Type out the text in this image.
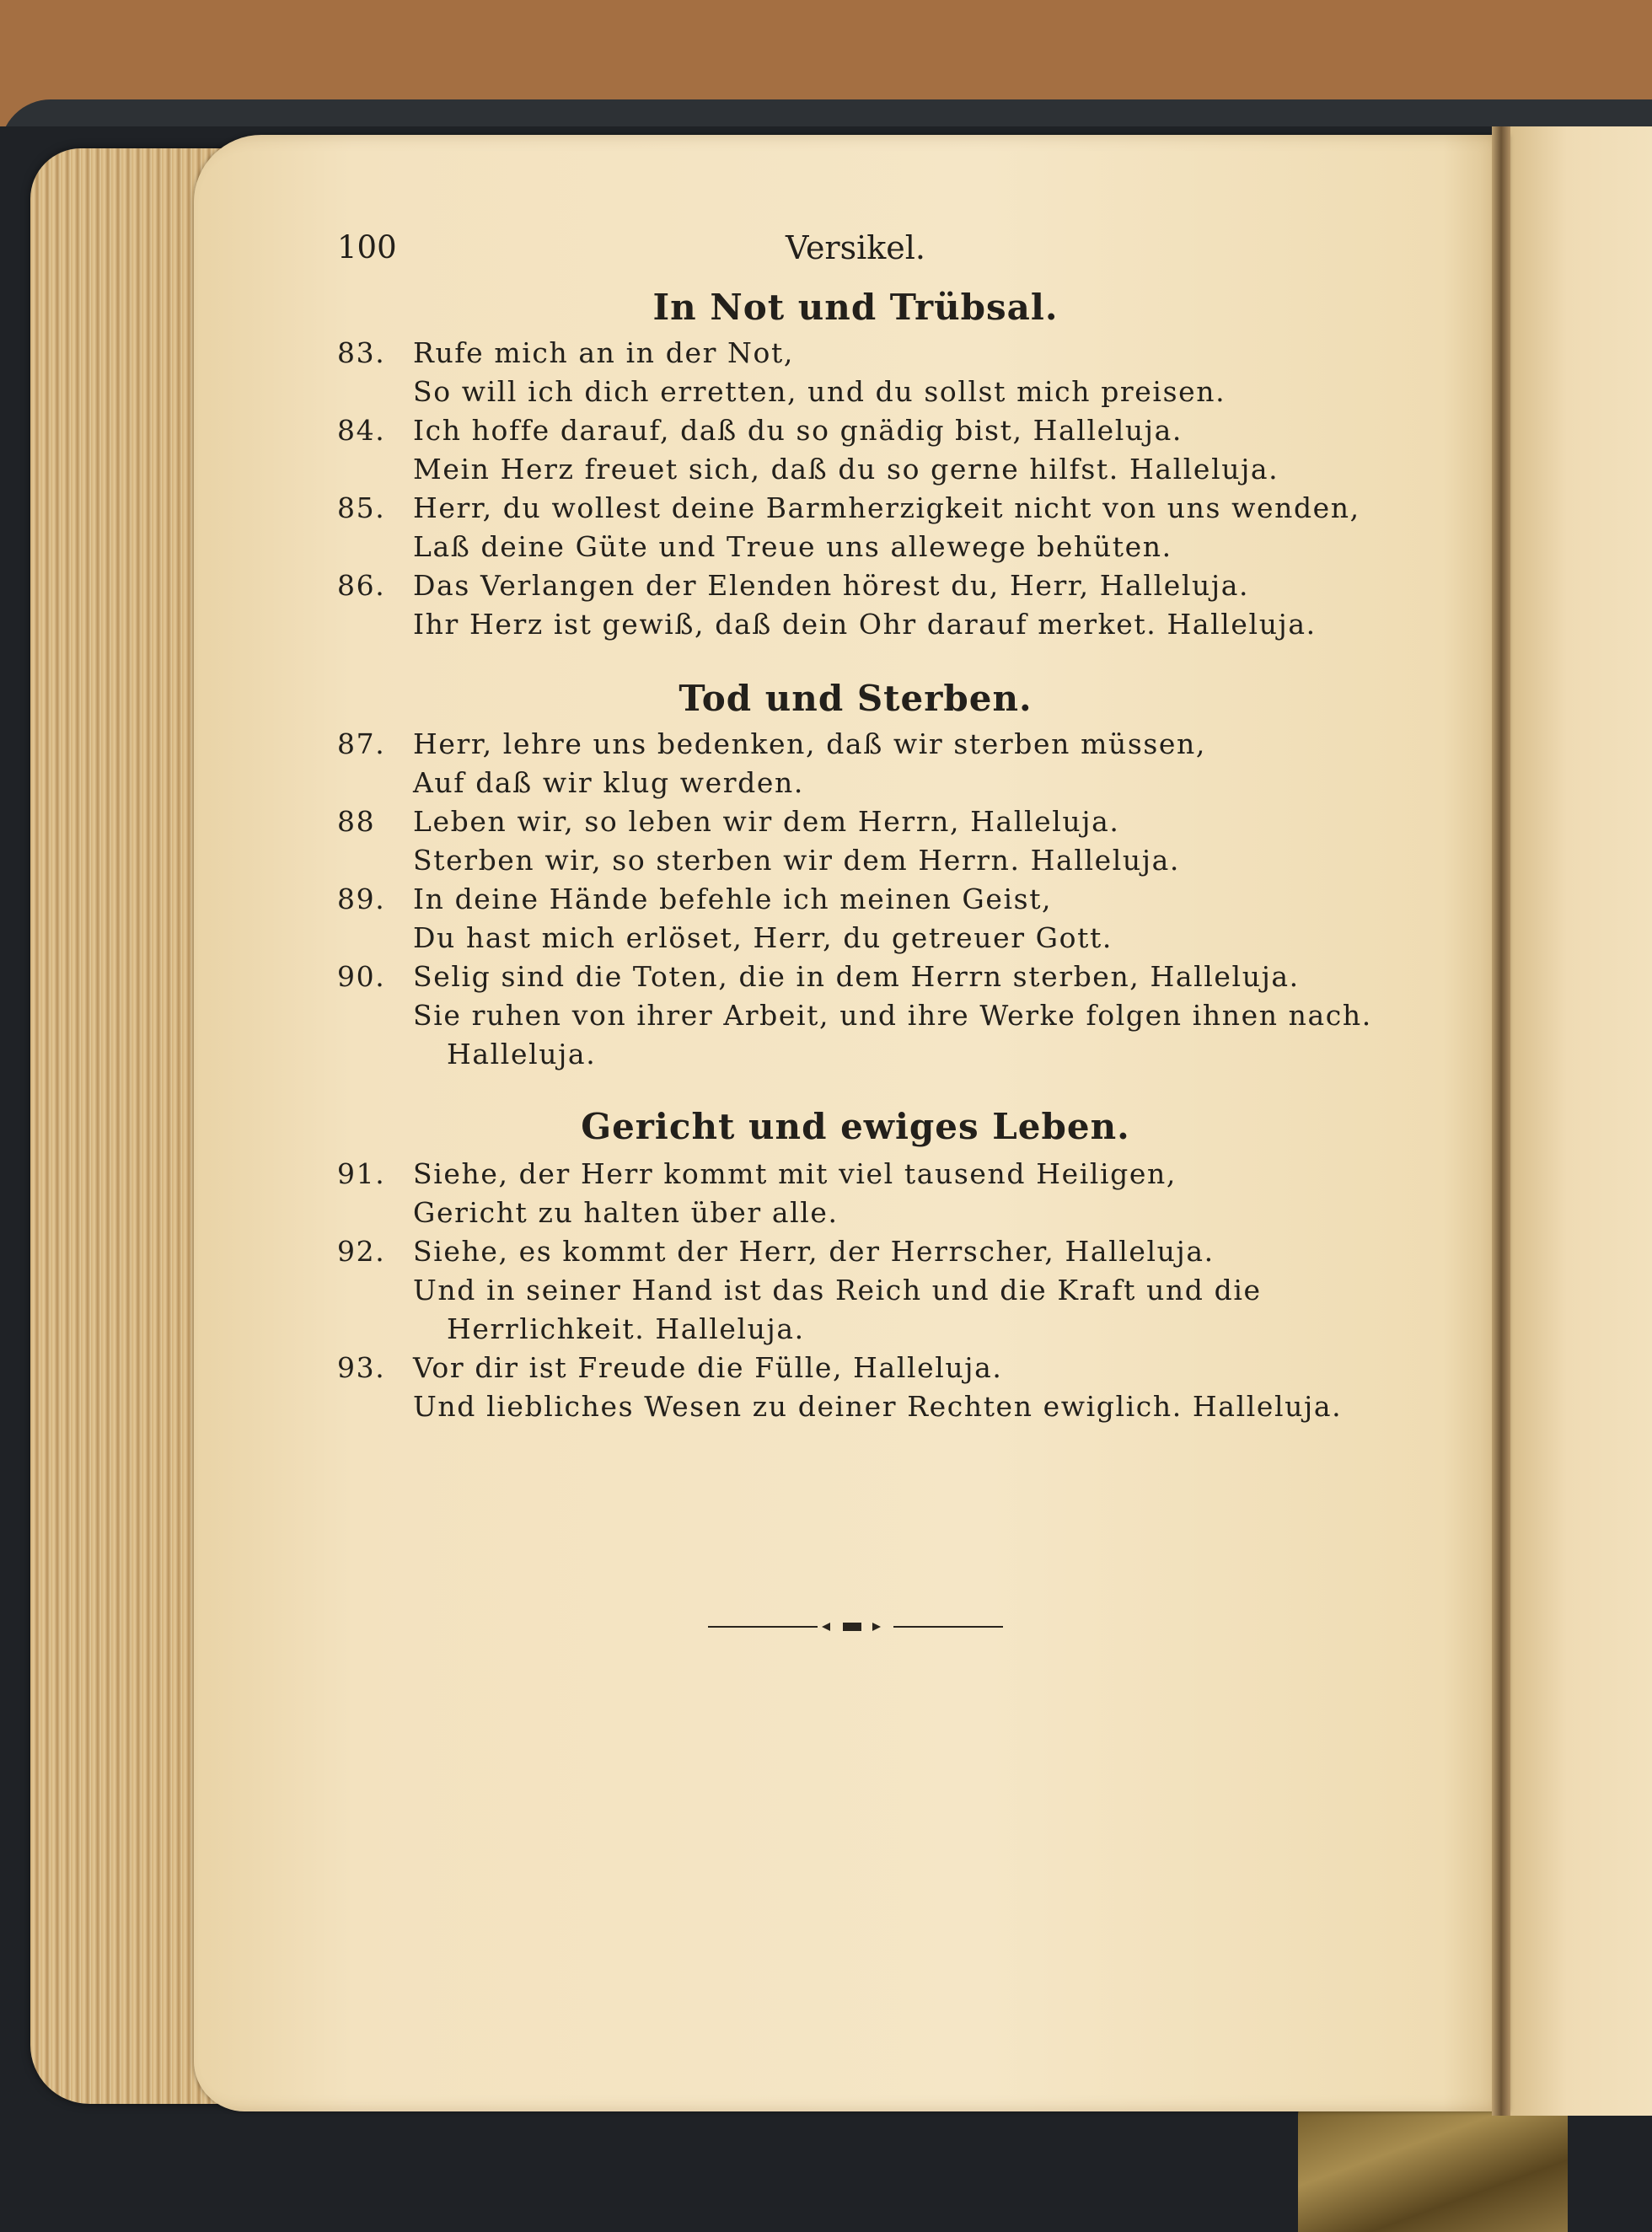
100	Versikel.
In Not und Trübsal.
83. Rufe mich an in der Not,
So will ich dich erretten, und du sollst mich preisen.
84. Ich hoffe darauf, daß du so gnädig bist, Halleluja.
Mein Herz freuet sich, daß du so gerne hilfst. Halleluja.
85. Herr, du wollest deine Barmherzigkeit nicht von uns wenden,
Laß deine Güte und Treue uns allewege behüten.
86. Das Verlangen der Elenden hörest du, Herr, Halleluja.
Ihr Herz ist gewiß, daß dein Ohr darauf merket. Halleluja.
Tod und Sterben.
87. Herr, lehre uns bedenken, daß wir sterben müssen,
Auf daß wir klug werden.
88 Leben wir, so leben wir dem Herrn, Halleluja.
Sterben wir, so sterben wir dem Herrn. Halleluja.
89. In deine Hände befehle ich meinen Geist,
Du hast mich erlöset, Herr, du getreuer Gott.
90. Selig sind die Toten, die in dem Herrn sterben, Halleluja.
Sie ruhen von ihrer Arbeit, und ihre Werke folgen ihnen nach.
Halleluja.
Gericht und ewiges Leben.
91. Siehe, der Herr kommt mit viel tausend Heiligen,
Gericht zu halten über alle.
92. Siehe, es kommt der Herr, der Herrscher, Halleluja.
Und in seiner Hand ist das Reich und die Kraft und die
Herrlichkeit. Halleluja.
93. Vor dir ist Freude die Fülle, Halleluja.
Und liebliches Wesen zu deiner Rechten ewiglich. Halleluja.
